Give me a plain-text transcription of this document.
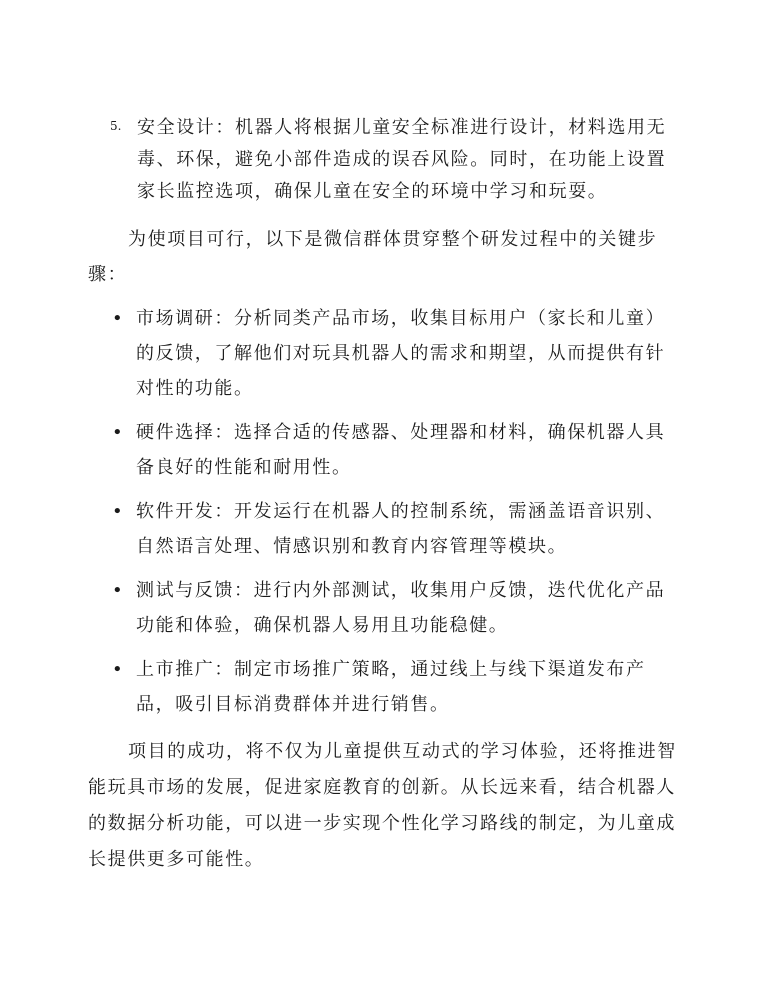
5. 安全设计：机器人将根据儿童安全标准进行设计，材料选用无毒、环保，避免小部件造成的误吞风险。同时，在功能上设置家长监控选项，确保儿童在安全的环境中学习和玩耍。

为使项目可行，以下是微信群体贯穿整个研发过程中的关键步骤：

• 市场调研：分析同类产品市场，收集目标用户（家长和儿童）的反馈，了解他们对玩具机器人的需求和期望，从而提供有针对性的功能。
• 硬件选择：选择合适的传感器、处理器和材料，确保机器人具备良好的性能和耐用性。
• 软件开发：开发运行在机器人的控制系统，需涵盖语音识别、自然语言处理、情感识别和教育内容管理等模块。
• 测试与反馈：进行内外部测试，收集用户反馈，迭代优化产品功能和体验，确保机器人易用且功能稳健。
• 上市推广：制定市场推广策略，通过线上与线下渠道发布产品，吸引目标消费群体并进行销售。

项目的成功，将不仅为儿童提供互动式的学习体验，还将推进智能玩具市场的发展，促进家庭教育的创新。从长远来看，结合机器人的数据分析功能，可以进一步实现个性化学习路线的制定，为儿童成长提供更多可能性。
